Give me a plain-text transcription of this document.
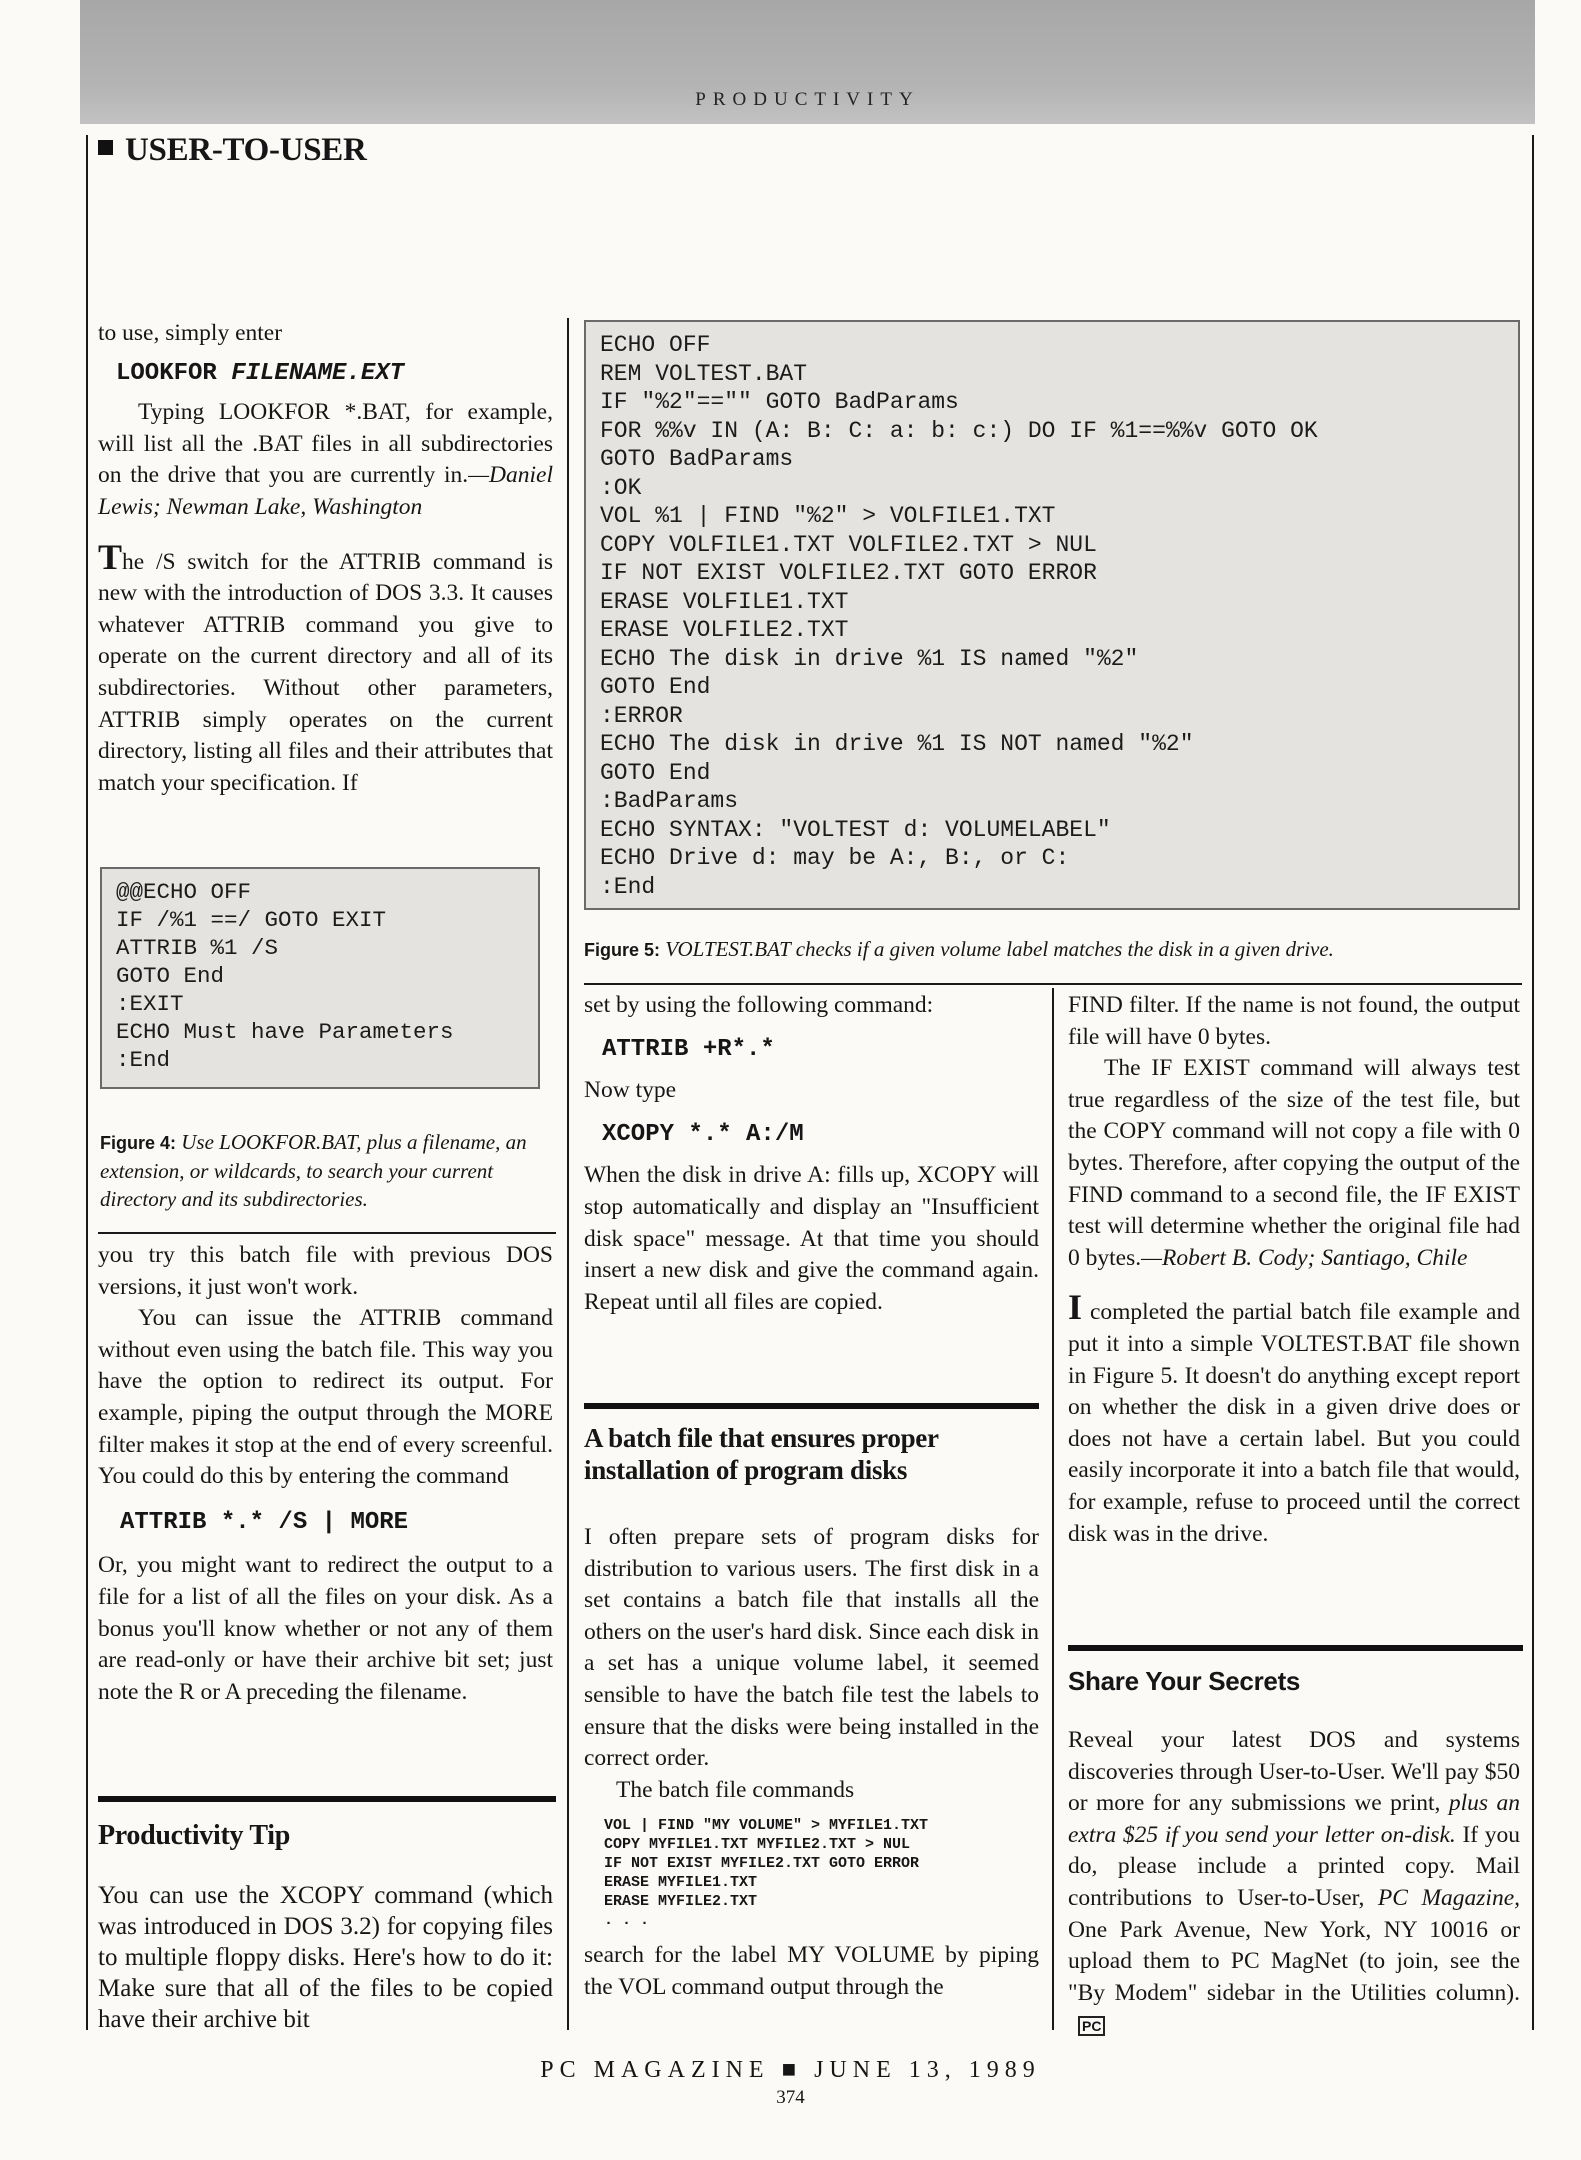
PRODUCTIVITY
USER-TO-USER

to use, simply enter

LOOKFOR FILENAME.EXT

Typing LOOKFOR *.BAT, for example, will list all the .BAT files in all subdirectories on the drive that you are currently in.—Daniel Lewis; Newman Lake, Washington

The /S switch for the ATTRIB command is new with the introduction of DOS 3.3. It causes whatever ATTRIB command you give to operate on the current directory and all of its subdirectories. Without other parameters, ATTRIB simply operates on the current directory, listing all files and their attributes that match your specification. If

@@ECHO OFF
IF /%1 ==/ GOTO EXIT
ATTRIB %1 /S
GOTO End
:EXIT
ECHO Must have Parameters
:End
Figure 4: Use LOOKFOR.BAT, plus a filename, an extension, or wildcards, to search your current directory and its subdirectories.

you try this batch file with previous DOS versions, it just won't work.

You can issue the ATTRIB command without even using the batch file. This way you have the option to redirect its output. For example, piping the output through the MORE filter makes it stop at the end of every screenful. You could do this by entering the command

ATTRIB *.* /S | MORE

Or, you might want to redirect the output to a file for a list of all the files on your disk. As a bonus you'll know whether or not any of them are read-only or have their archive bit set; just note the R or A preceding the filename.

Productivity Tip

You can use the XCOPY command (which was introduced in DOS 3.2) for copying files to multiple floppy disks. Here's how to do it: Make sure that all of the files to be copied have their archive bit

ECHO OFF
REM VOLTEST.BAT
IF "%2"=="" GOTO BadParams
FOR %%v IN (A: B: C: a: b: c:) DO IF %1==%%v GOTO OK
GOTO BadParams
:OK
VOL %1 | FIND "%2" > VOLFILE1.TXT
COPY VOLFILE1.TXT VOLFILE2.TXT > NUL
IF NOT EXIST VOLFILE2.TXT GOTO ERROR
ERASE VOLFILE1.TXT
ERASE VOLFILE2.TXT
ECHO The disk in drive %1 IS named "%2"
GOTO End
:ERROR
ECHO The disk in drive %1 IS NOT named "%2"
GOTO End
:BadParams
ECHO SYNTAX: "VOLTEST d: VOLUMELABEL"
ECHO Drive d: may be A:, B:, or C:
:End
Figure 5: VOLTEST.BAT checks if a given volume label matches the disk in a given drive.

set by using the following command:

ATTRIB +R*.*

Now type

XCOPY *.* A:/M

When the disk in drive A: fills up, XCOPY will stop automatically and display an "Insufficient disk space" message. At that time you should insert a new disk and give the command again. Repeat until all files are copied.

A batch file that ensures proper installation of program disks

I often prepare sets of program disks for distribution to various users. The first disk in a set contains a batch file that installs all the others on the user's hard disk. Since each disk in a set has a unique volume label, it seemed sensible to have the batch file test the labels to ensure that the disks were being installed in the correct order.

The batch file commands

VOL | FIND "MY VOLUME" > MYFILE1.TXT
COPY MYFILE1.TXT MYFILE2.TXT > NUL
IF NOT EXIST MYFILE2.TXT GOTO ERROR
ERASE MYFILE1.TXT
ERASE MYFILE2.TXT
. . .

search for the label MY VOLUME by piping the VOL command output through the

FIND filter. If the name is not found, the output file will have 0 bytes.

The IF EXIST command will always test true regardless of the size of the test file, but the COPY command will not copy a file with 0 bytes. Therefore, after copying the output of the FIND command to a second file, the IF EXIST test will determine whether the original file had 0 bytes.—Robert B. Cody; Santiago, Chile

I completed the partial batch file example and put it into a simple VOLTEST.BAT file shown in Figure 5. It doesn't do anything except report on whether the disk in a given drive does or does not have a certain label. But you could easily incorporate it into a batch file that would, for example, refuse to proceed until the correct disk was in the drive.

Share Your Secrets

Reveal your latest DOS and systems discoveries through User-to-User. We'll pay $50 or more for any submissions we print, plus an extra $25 if you send your letter on-disk. If you do, please include a printed copy. Mail contributions to User-to-User, PC Magazine, One Park Avenue, New York, NY 10016 or upload them to PC MagNet (to join, see the "By Modem" sidebar in the Utilities column).PC

PC MAGAZINE ■ JUNE 13, 1989
374
